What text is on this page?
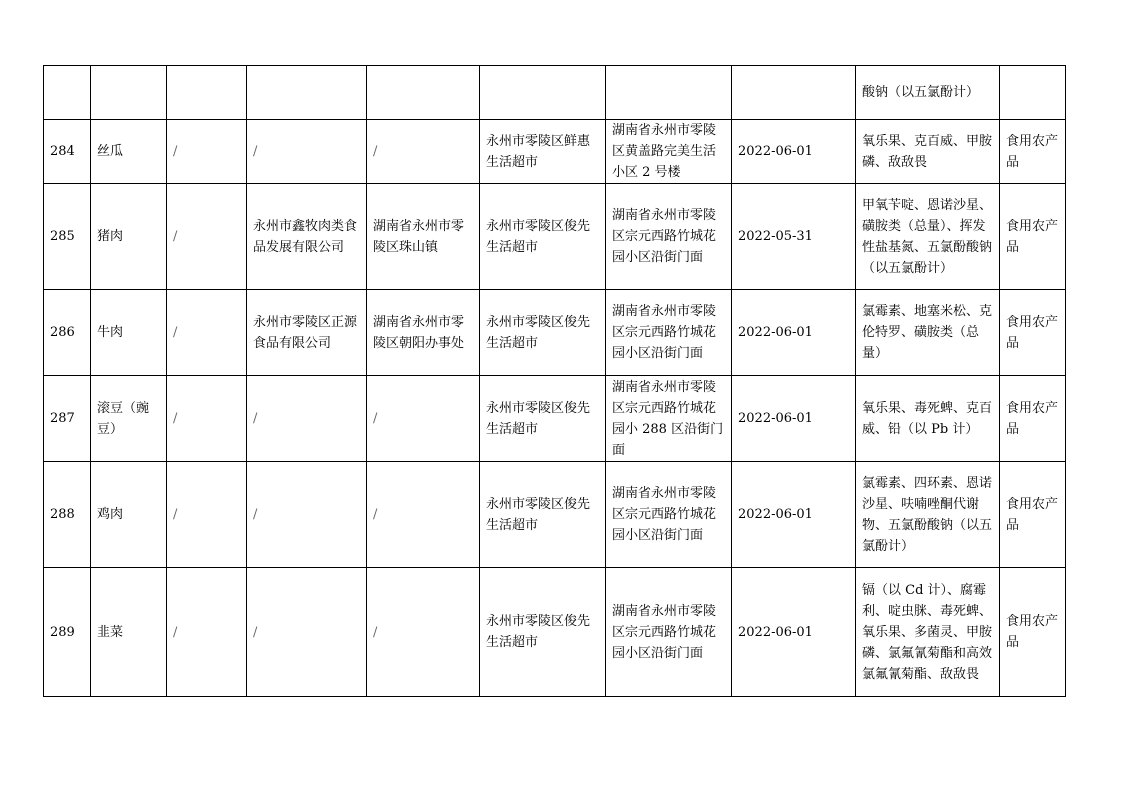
								酸钠（以五氯酚计）	
284	丝瓜	/	/	/	永州市零陵区鲜惠生活超市	湖南省永州市零陵区黄盖路完美生活小区 2 号楼	2022-06-01	氧乐果、克百威、甲胺磷、敌敌畏	食用农产品
285	猪肉	/	永州市鑫牧肉类食品发展有限公司	湖南省永州市零陵区珠山镇	永州市零陵区俊先生活超市	湖南省永州市零陵区宗元西路竹城花园小区沿街门面	2022-05-31	甲氧苄啶、恩诺沙星、磺胺类（总量）、挥发性盐基氮、五氯酚酸钠（以五氯酚计）	食用农产品
286	牛肉	/	永州市零陵区正源食品有限公司	湖南省永州市零陵区朝阳办事处	永州市零陵区俊先生活超市	湖南省永州市零陵区宗元西路竹城花园小区沿街门面	2022-06-01	氯霉素、地塞米松、克伦特罗、磺胺类（总量）	食用农产品
287	滚豆（豌豆）	/	/	/	永州市零陵区俊先生活超市	湖南省永州市零陵区宗元西路竹城花园小 288 区沿街门面	2022-06-01	氧乐果、毒死蜱、克百威、铅（以 Pb 计）	食用农产品
288	鸡肉	/	/	/	永州市零陵区俊先生活超市	湖南省永州市零陵区宗元西路竹城花园小区沿街门面	2022-06-01	氯霉素、四环素、恩诺沙星、呋喃唑酮代谢物、五氯酚酸钠（以五氯酚计）	食用农产品
289	韭菜	/	/	/	永州市零陵区俊先生活超市	湖南省永州市零陵区宗元西路竹城花园小区沿街门面	2022-06-01	镉（以 Cd 计）、腐霉利、啶虫脒、毒死蜱、氧乐果、多菌灵、甲胺磷、氯氟氰菊酯和高效氯氟氰菊酯、敌敌畏	食用农产品
